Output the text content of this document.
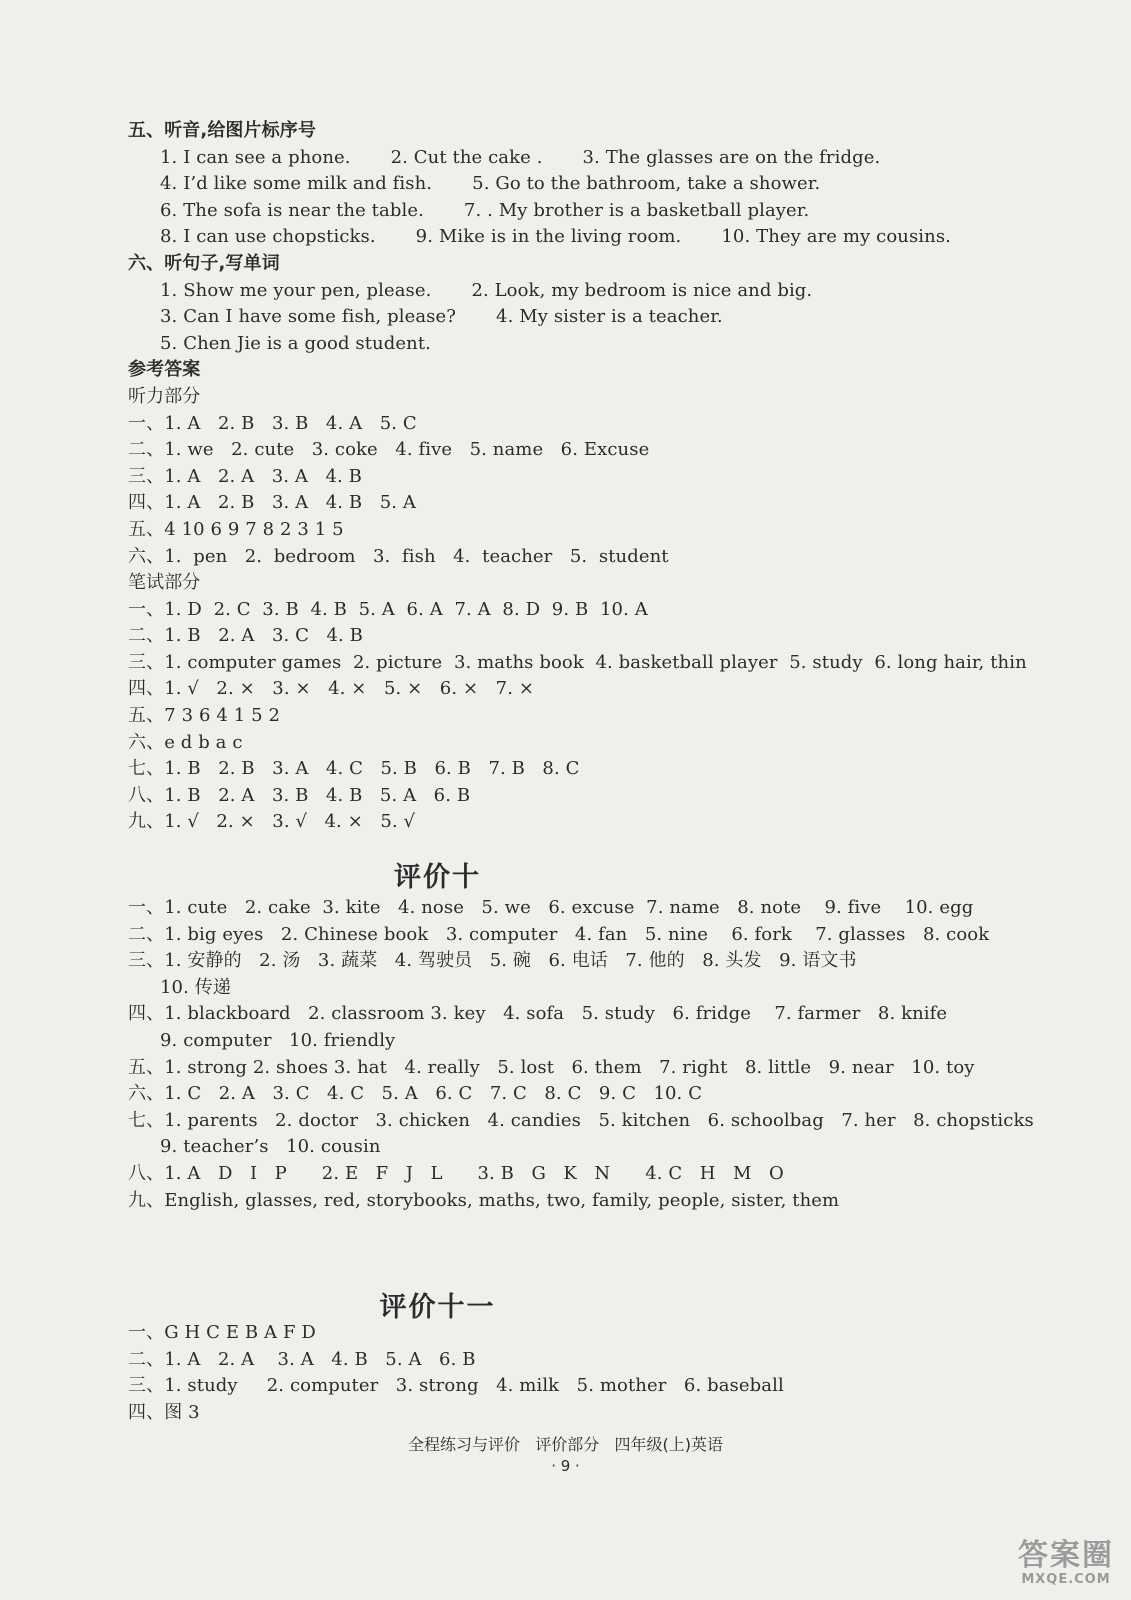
五、听音,给图片标序号
1. I can see a phone. 2. Cut the cake . 3. The glasses are on the fridge.
4. I’d like some milk and fish. 5. Go to the bathroom, take a shower.
6. The sofa is near the table. 7. . My brother is a basketball player.
8. I can use chopsticks. 9. Mike is in the living room. 10. They are my cousins.
六、听句子,写单词
1. Show me your pen, please. 2. Look, my bedroom is nice and big.
3. Can I have some fish, please? 4. My sister is a teacher.
5. Chen Jie is a good student.
参考答案
听力部分
一、1. A   2. B   3. B   4. A   5. C
二、1. we   2. cute   3. coke   4. five   5. name   6. Excuse
三、1. A   2. A   3. A   4. B
四、1. A   2. B   3. A   4. B   5. A
五、4 10 6 9 7 8 2 3 1 5
六、1.  pen   2.  bedroom   3.  fish   4.  teacher   5.  student
笔试部分
一、1. D  2. C  3. B  4. B  5. A  6. A  7. A  8. D  9. B  10. A
二、1. B   2. A   3. C   4. B
三、1. computer games  2. picture  3. maths book  4. basketball player  5. study  6. long hair, thin
四、1. √   2. ×   3. ×   4. ×   5. ×   6. ×   7. ×
五、7 3 6 4 1 5 2
六、e d b a c
七、1. B   2. B   3. A   4. C   5. B   6. B   7. B   8. C
八、1. B   2. A   3. B   4. B   5. A   6. B
九、1. √   2. ×   3. √   4. ×   5. √
评价十
一、1. cute   2. cake  3. kite   4. nose   5. we   6. excuse  7. name   8. note    9. five    10. egg
二、1. big eyes   2. Chinese book   3. computer   4. fan   5. nine    6. fork    7. glasses   8. cook
三、1. 安静的   2. 汤   3. 蔬菜   4. 驾驶员   5. 碗   6. 电话   7. 他的   8. 头发   9. 语文书
10. 传递
四、1. blackboard   2. classroom 3. key   4. sofa   5. study   6. fridge    7. farmer   8. knife
9. computer   10. friendly
五、1. strong 2. shoes 3. hat   4. really   5. lost   6. them   7. right   8. little   9. near   10. toy
六、1. C   2. A   3. C   4. C   5. A   6. C   7. C   8. C   9. C   10. C
七、1. parents   2. doctor   3. chicken   4. candies   5. kitchen   6. schoolbag   7. her   8. chopsticks
9. teacher’s   10. cousin
八、1. A   D   I   P      2. E   F   J   L      3. B   G   K   N      4. C   H   M   O
九、English, glasses, red, storybooks, maths, two, family, people, sister, them
评价十一
一、G H C E B A F D
二、1. A   2. A    3. A   4. B   5. A   6. B
三、1. study     2. computer   3. strong   4. milk   5. mother   6. baseball
四、图 3
全程练习与评价   评价部分   四年级(上)英语
· 9 ·
答案圈
MXQE.COM
